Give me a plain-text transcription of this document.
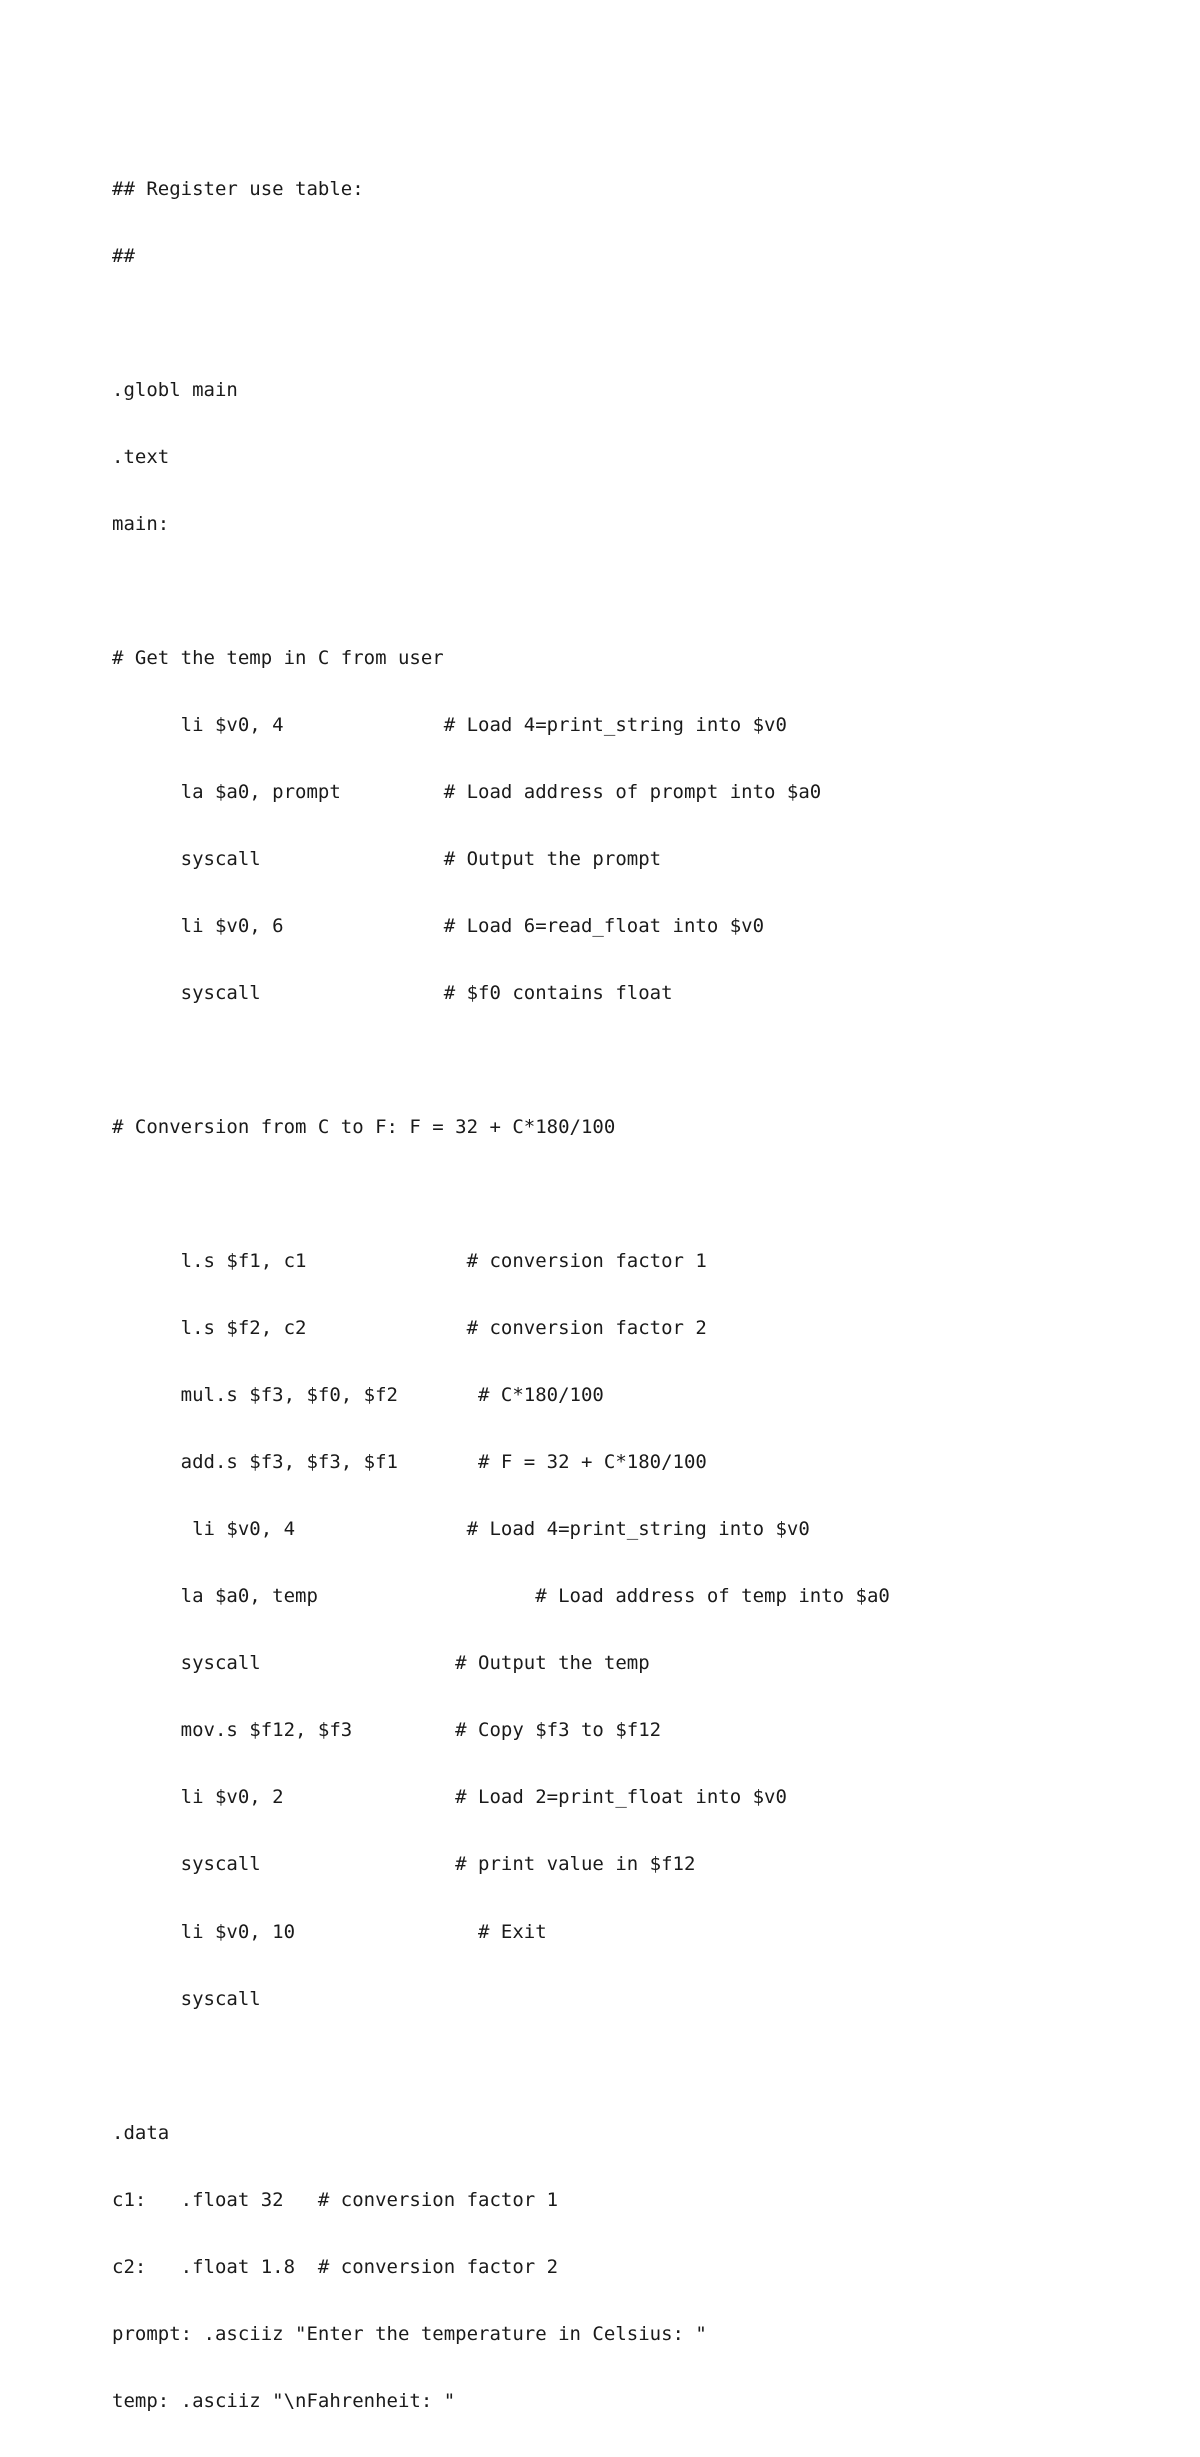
## Register use table:

##

.globl main

.text

main:

# Get the temp in C from user

li $v0, 4              # Load 4=print_string into $v0

la $a0, prompt         # Load address of prompt into $a0

syscall                # Output the prompt

li $v0, 6              # Load 6=read_float into $v0

syscall                # $f0 contains float

# Conversion from C to F: F = 32 + C*180/100

l.s $f1, c1              # conversion factor 1

l.s $f2, c2              # conversion factor 2

mul.s $f3, $f0, $f2       # C*180/100

add.s $f3, $f3, $f1       # F = 32 + C*180/100

li $v0, 4               # Load 4=print_string into $v0

la $a0, temp                   # Load address of temp into $a0

syscall                 # Output the temp

mov.s $f12, $f3         # Copy $f3 to $f12

li $v0, 2               # Load 2=print_float into $v0

syscall                 # print value in $f12

li $v0, 10                # Exit

syscall

.data

c1:   .float 32   # conversion factor 1

c2:   .float 1.8  # conversion factor 2

prompt: .asciiz "Enter the temperature in Celsius: "

temp: .asciiz "\nFahrenheit: "
